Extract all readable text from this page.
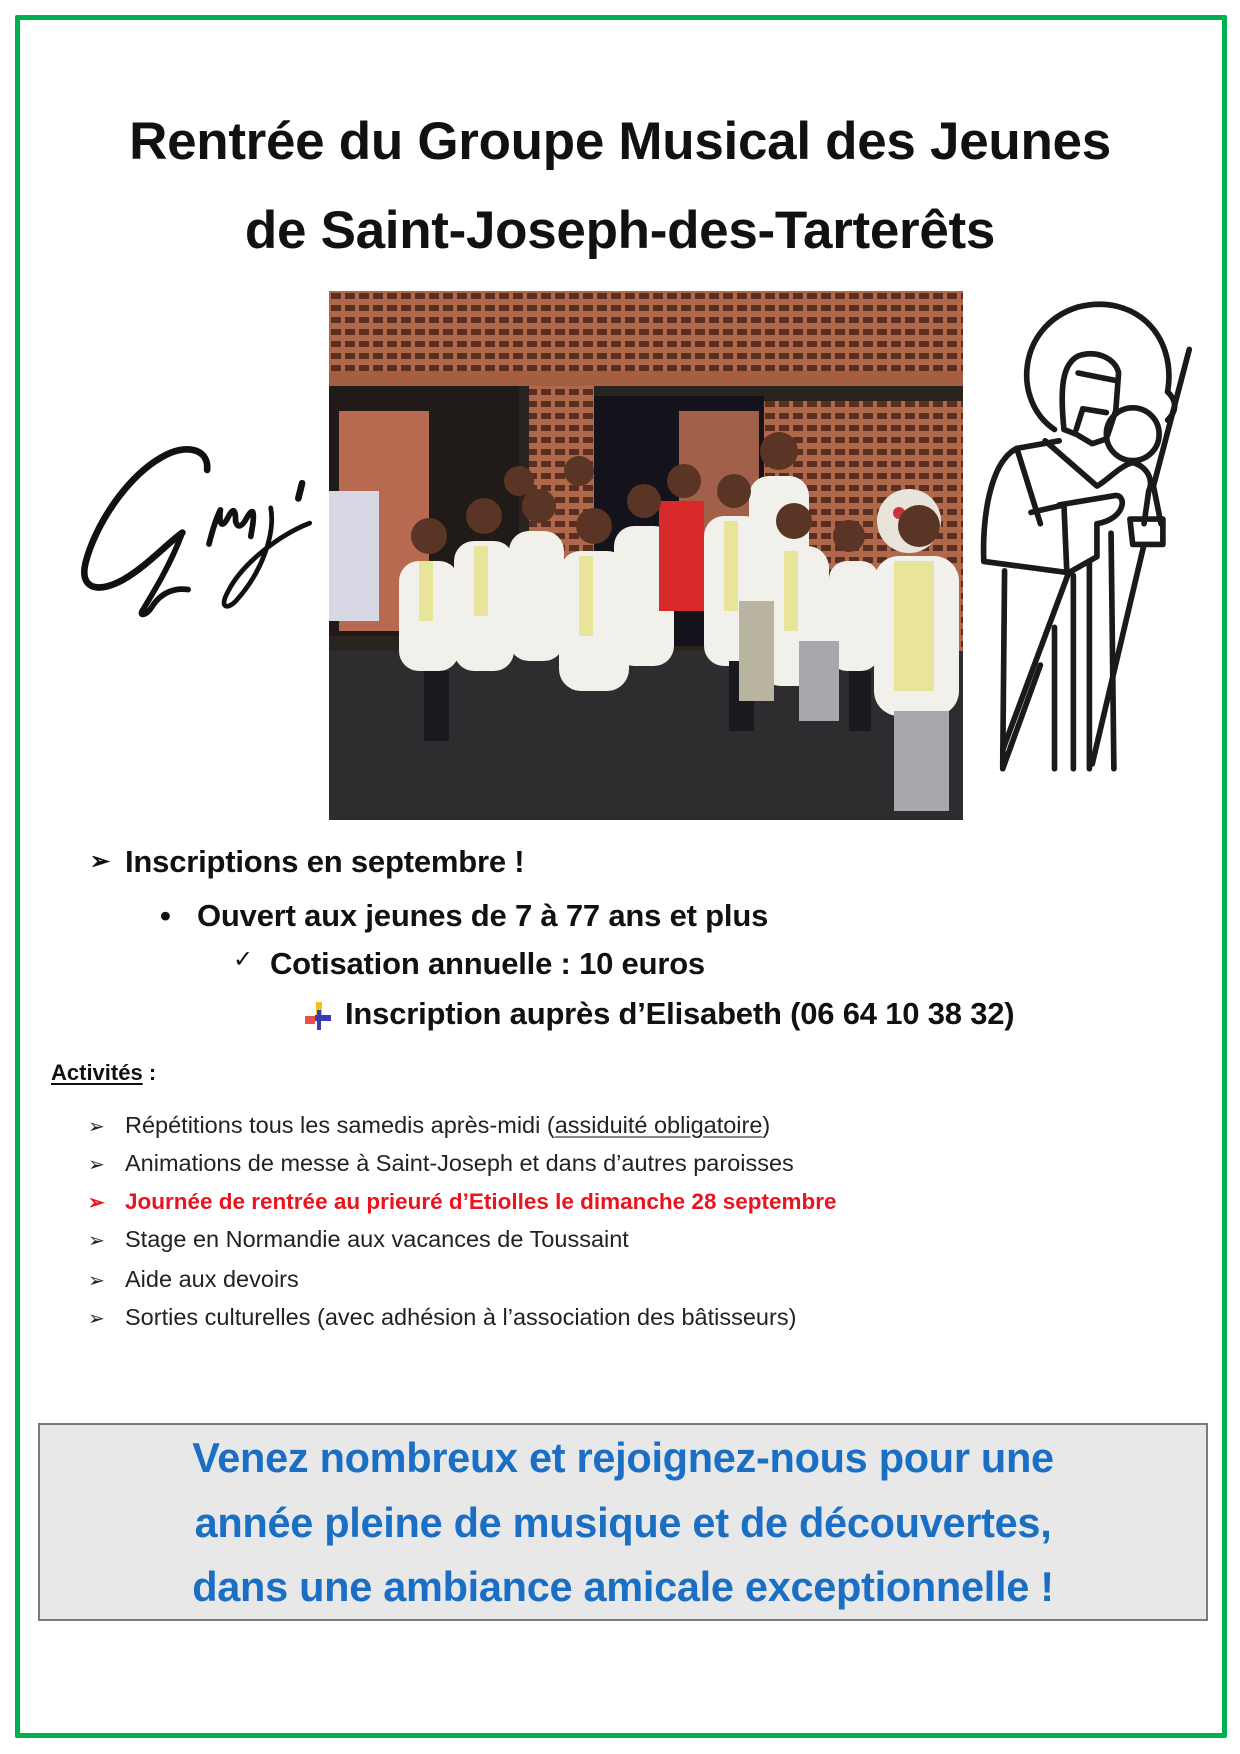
Rentrée du Groupe Musical des Jeunes
de Saint-Joseph-des-Tarterêts
➢ Inscriptions en septembre !
• Ouvert aux jeunes de 7 à 77 ans et plus
✓ Cotisation annuelle : 10 euros
Inscription auprès d’Elisabeth (06 64 10 38 32)
Activités :
➢ Répétitions tous les samedis après-midi (assiduité obligatoire)
➢ Animations de messe à Saint-Joseph et dans d’autres paroisses
➢ Journée de rentrée au prieuré d’Etiolles le dimanche 28 septembre
➢ Stage en Normandie aux vacances de Toussaint
➢ Aide aux devoirs
➢ Sorties culturelles (avec adhésion à l’association des bâtisseurs)
Venez nombreux et rejoignez-nous pour une
année pleine de musique et de découvertes,
dans une ambiance amicale exceptionnelle !
